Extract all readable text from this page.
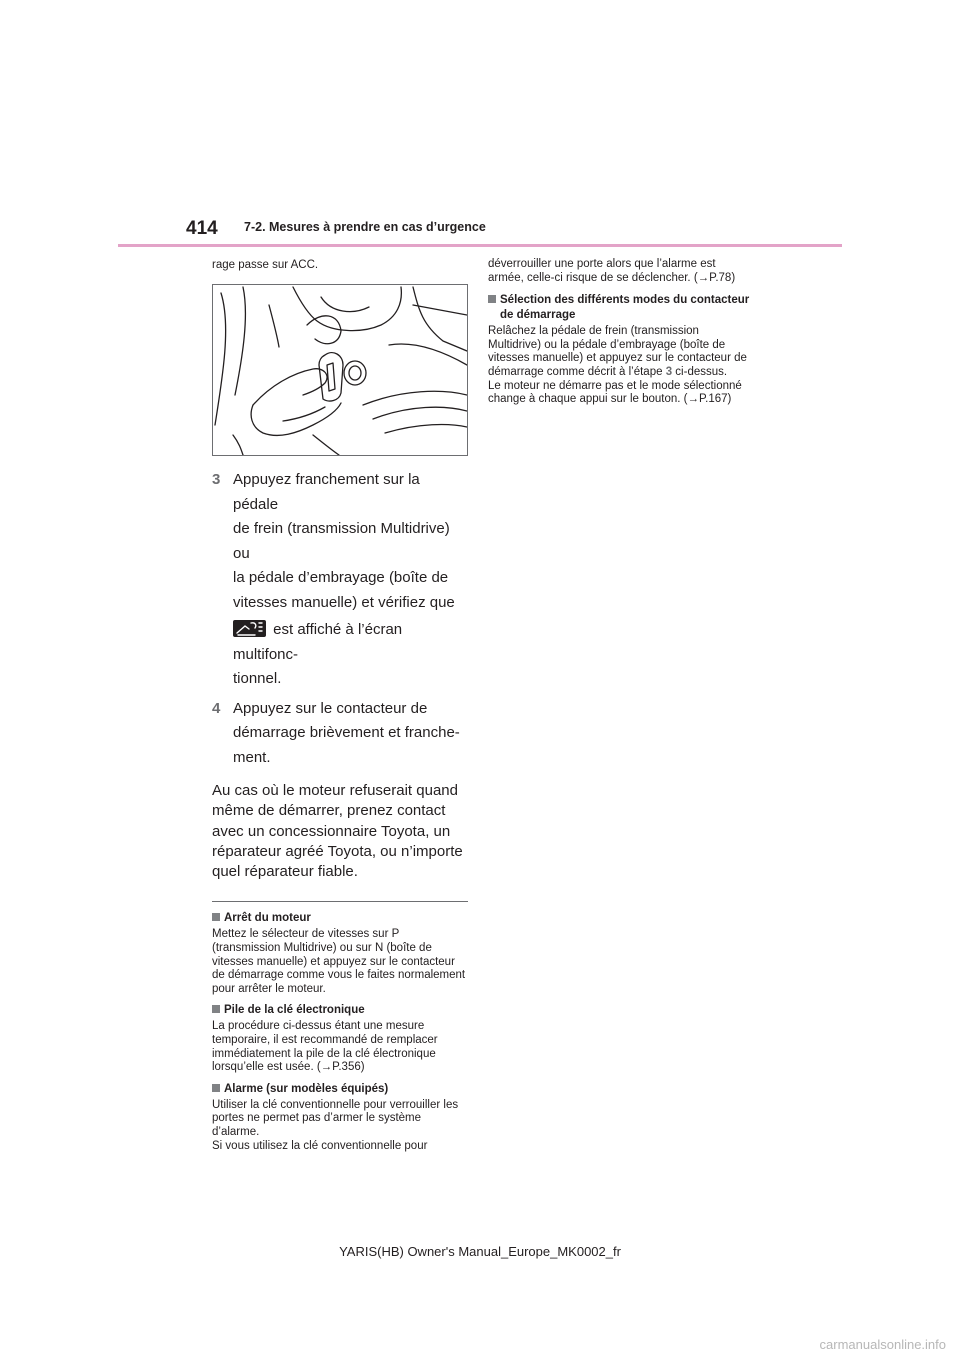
414 7-2. Mesures à prendre en cas d’urgence

rage passe sur ACC.

3 Appuyez franchement sur la pédale
de frein (transmission Multidrive) ou
la pédale d’embrayage (boîte de
vitesses manuelle) et vérifiez que
est affiché à l’écran multifonc-
tionnel.
4 Appuyez sur le contacteur de
démarrage brièvement et franche-
ment.

Au cas où le moteur refuserait quand même de démarrer, prenez contact avec un concessionnaire Toyota, un réparateur agréé Toyota, ou n’importe quel réparateur fiable.

Arrêt du moteur

Mettez le sélecteur de vitesses sur P (transmission Multidrive) ou sur N (boîte de vitesses manuelle) et appuyez sur le contacteur de démarrage comme vous le faites normalement pour arrêter le moteur.

Pile de la clé électronique

La procédure ci-dessus étant une mesure temporaire, il est recommandé de remplacer immédiatement la pile de la clé électronique lorsqu’elle est usée. (→P.356)

Alarme (sur modèles équipés)

Utiliser la clé conventionnelle pour verrouiller les portes ne permet pas d’armer le système d’alarme.
Si vous utilisez la clé conventionnelle pour

déverrouiller une porte alors que l’alarme est armée, celle-ci risque de se déclencher. (→P.78)

Sélection des différents modes du contacteur de démarrage

Relâchez la pédale de frein (transmission Multidrive) ou la pédale d’embrayage (boîte de vitesses manuelle) et appuyez sur le contacteur de démarrage comme décrit à l’étape 3 ci-dessus.

Le moteur ne démarre pas et le mode sélectionné change à chaque appui sur le bouton. (→P.167)

YARIS(HB) Owner's Manual_Europe_MK0002_fr
carmanualsonline.info
